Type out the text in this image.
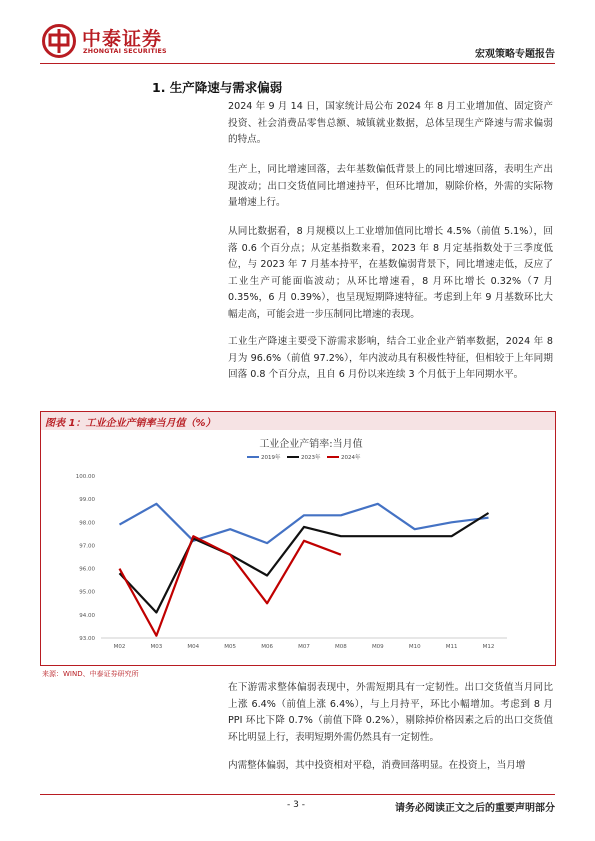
中泰证券
ZHONGTAI SECURITIES	宏观策略专题报告
1. 生产降速与需求偏弱

2024 年 9 月 14 日，国家统计局公布 2024 年 8 月工业增加值、固定资产投资、社会消费品零售总额、城镇就业数据，总体呈现生产降速与需求偏弱的特点。

生产上，同比增速回落，去年基数偏低背景上的同比增速回落，表明生产出现波动；出口交货值同比增速持平，但环比增加，剔除价格，外需的实际物量增速上行。

从同比数据看，8 月规模以上工业增加值同比增长 4.5%（前值 5.1%），回落 0.6 个百分点；从定基指数来看，2023 年 8 月定基指数处于三季度低位，与 2023 年 7 月基本持平，在基数偏弱背景下，同比增速走低，反应了工业生产可能面临波动；从环比增速看，8 月环比增长 0.32%（7 月 0.35%，6 月 0.39%），也呈现短期降速特征。考虑到上年 9 月基数环比大幅走高，可能会进一步压制同比增速的表现。

工业生产降速主要受下游需求影响，结合工业企业产销率数据，2024 年 8 月为 96.6%（前值 97.2%），年内波动具有积极性特征，但相较于上年同期回落 0.8 个百分点，且自 6 月份以来连续 3 个月低于上年同期水平。

图表 1：工业企业产销率当月值（%）
工业企业产销率:当月值
2019年	2023年	2024年
93.00
94.00
95.00
96.00
97.00
98.00
99.00
100.00
M02	M03	M04	M05	M06	M07	M08	M09	M10	M11	M12
来源：WIND、中泰证券研究所

在下游需求整体偏弱表现中，外需短期具有一定韧性。出口交货值当月同比上涨 6.4%（前值上涨 6.4%），与上月持平，环比小幅增加。考虑到 8 月 PPI 环比下降 0.7%（前值下降 0.2%），剔除掉价格因素之后的出口交货值环比明显上行，表明短期外需仍然具有一定韧性。

内需整体偏弱，其中投资相对平稳，消费回落明显。在投资上，当月增

- 3 -	请务必阅读正文之后的重要声明部分
